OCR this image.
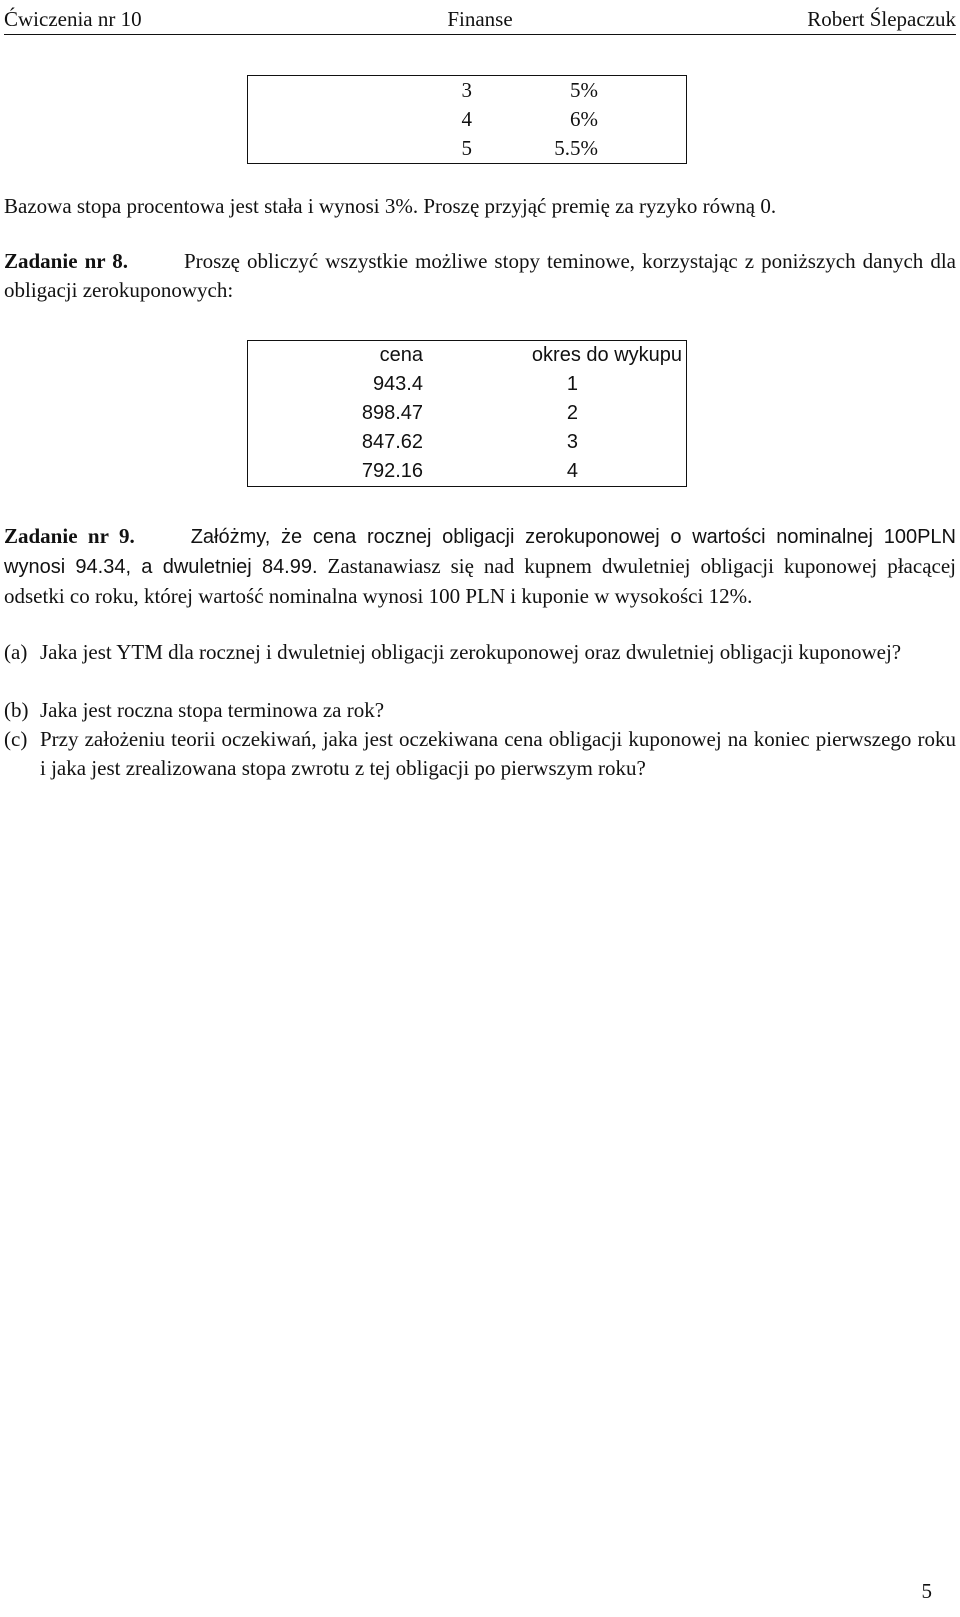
Ćwiczenia nr 10	Finanse	Robert Ślepaczuk
3	5%
4	6%
5	5.5%
Bazowa stopa procentowa jest stała i wynosi 3%. Proszę przyjąć premię za ryzyko równą 0.
Zadanie nr 8.	Proszę obliczyć wszystkie możliwe stopy teminowe, korzystając z poniższych danych dla obligacji zerokuponowych:
cena	okres do wykupu
943.4	1
898.47	2
847.62	3
792.16	4
Zadanie nr 9.	Załóżmy, że cena rocznej obligacji zerokuponowej o wartości nominalnej 100PLN wynosi 94.34, a dwuletniej 84.99. Zastanawiasz się nad kupnem dwuletniej obligacji kuponowej płacącej odsetki co roku, której wartość nominalna wynosi 100 PLN i kuponie w wysokości 12%.
(a) Jaka jest YTM dla rocznej i dwuletniej obligacji zerokuponowej oraz dwuletniej obligacji kuponowej?
(b) Jaka jest roczna stopa terminowa za rok?
(c) Przy założeniu teorii oczekiwań, jaka jest oczekiwana cena obligacji kuponowej na koniec pierwszego roku i jaka jest zrealizowana stopa zwrotu z tej obligacji po pierwszym roku?
5
